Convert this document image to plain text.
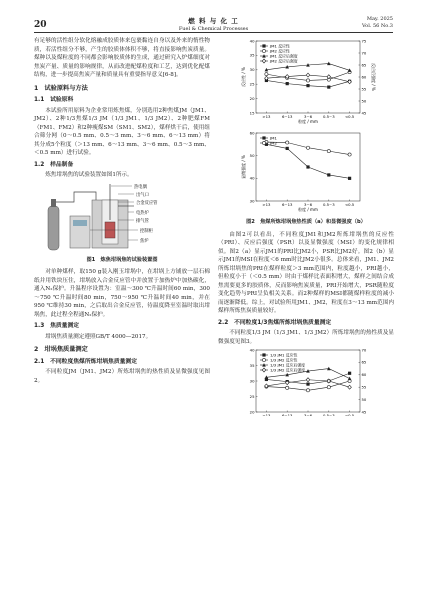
20	燃 料 与 化 工
Fuel & Chemical Processes
May. 2025
Vol. 56 No.3

有足够的活性组分软化熔融成胶质体来包裹黏连自身以及外来的惰性物质，若活性组分不够，产生的胶质体体积不够，将直接影响焦炭质量。煤种以及煤粒度的不同都会影响胶质体的生成，通过研究入炉煤细度对焦炭产量、质量的影响规律，从而改进配煤粒度和工艺，达到优化配煤结构，进一步提高焦炭产量和质量具有重要指导意义[6-8]。

1　试验原料与方法
1.1　试验原料

本试验所用原料为企业常用炼焦煤，分别选用2种焦煤JM（JM1、JM2）、2种1/3焦煤1/3 JM（1/3 JM1、1/3 JM2）、2种肥煤FM（FM1、FM2）和2种瘦煤SM（SM1、SM2），煤样烘干后，使用组合筛分网（0～0.5 mm、0.5～3 mm、3～6 mm、6～13 mm）将其分成5个粒度（＞13 mm、6～13 mm、3～6 mm、0.5～3 mm、＜0.5 mm）进行试验。

1.2　样品制备

炼焦坩埚焦的试验装置如图1所示。

热电偶
出气口
合金反应管
电热炉
排气管
控制柜
焦炉
图1　炼焦坩埚焦的试验装置图

对单种煤样，取150 g装入刚玉坩埚中，在坩埚上方铺放一层石棉纸并用铁块压住，坩埚放入合金反应管中并放置于加热炉中加热碳化，通入N₂保护。升温程序设置为：室温～300 ℃升温时间60 min，300～750 ℃升温时间80 min，750～950 ℃升温时间40 min，并在950 ℃维持30 min，之后取出合金反应管，待温度降至室温时取出坩埚焦，此过程全程通N₂保护。

1.3　焦质量测定

坩埚焦质量测定遵照GB/T 4000—2017。

2　坩埚焦质量测定
2.1　不同粒度焦煤所炼坩埚焦质量测定

不同粒度JM（JM1、JM2）所炼坩埚焦的热性质及显微强度见图2。

>13	6~13	3~6	0.5~3	<0.5
粒度 / mm
15
20
25
30
35
40
反应性 / %
45
50
55
60
65
70
75
反应后强度 / %
JM1 反应性
JM2 反应性
JM1 反应后强度
JM2 反应后强度

>13	6~13	3~6	0.5~3	<0.5
粒度 / mm
30
40
50
60
显微强度 / %
JM1
JM2
图2　焦煤所炼坩埚焦热性质（a）和显微强度（b）

由图2可以看出，不同粒度JM1和JM2所炼坩埚焦的反应性（PRI）、反应后强度（PSR）以及显微强度（MSI）的变化规律相似。图2（a）显示JM1的PRI比JM2小，PSR比JM2好。图2（b）显示JM1的MSI在粒度＜6 mm时比JM2小很多。总体来看，JM1、JM2所炼坩埚焦的PRI在煤样粒度＞3 mm范围内，粒度越小，PRI越小，但粒度小于（＜0.5 mm）时由于煤样比表面积增大，煤样之间结合成焦需要更多的胶质体，反而影响焦炭质量，PRI开始增大，PSR随粒度变化趋势与PRI呈负相关关系。而2种煤样的MSI都随煤样粒度的减小而逐渐降低。综上，对试验所用JM1、JM2，粒度在3～13 mm范围内煤样所炼焦炭质量较好。

2.2　不同粒度1/3焦煤所炼坩埚焦质量测定

不同粒度1/3 JM（1/3 JM1、1/3 JM2）所炼坩埚焦的热性质及显微强度见图3。

>13	6~13	3~6	0.5~3	<0.5
20
25
30
35
40
45
50
55
60
65
70
1/3 JM1 反应性
1/3 JM2 反应性
1/3 JM1 反应后强度
1/3 JM2 反应后强度
